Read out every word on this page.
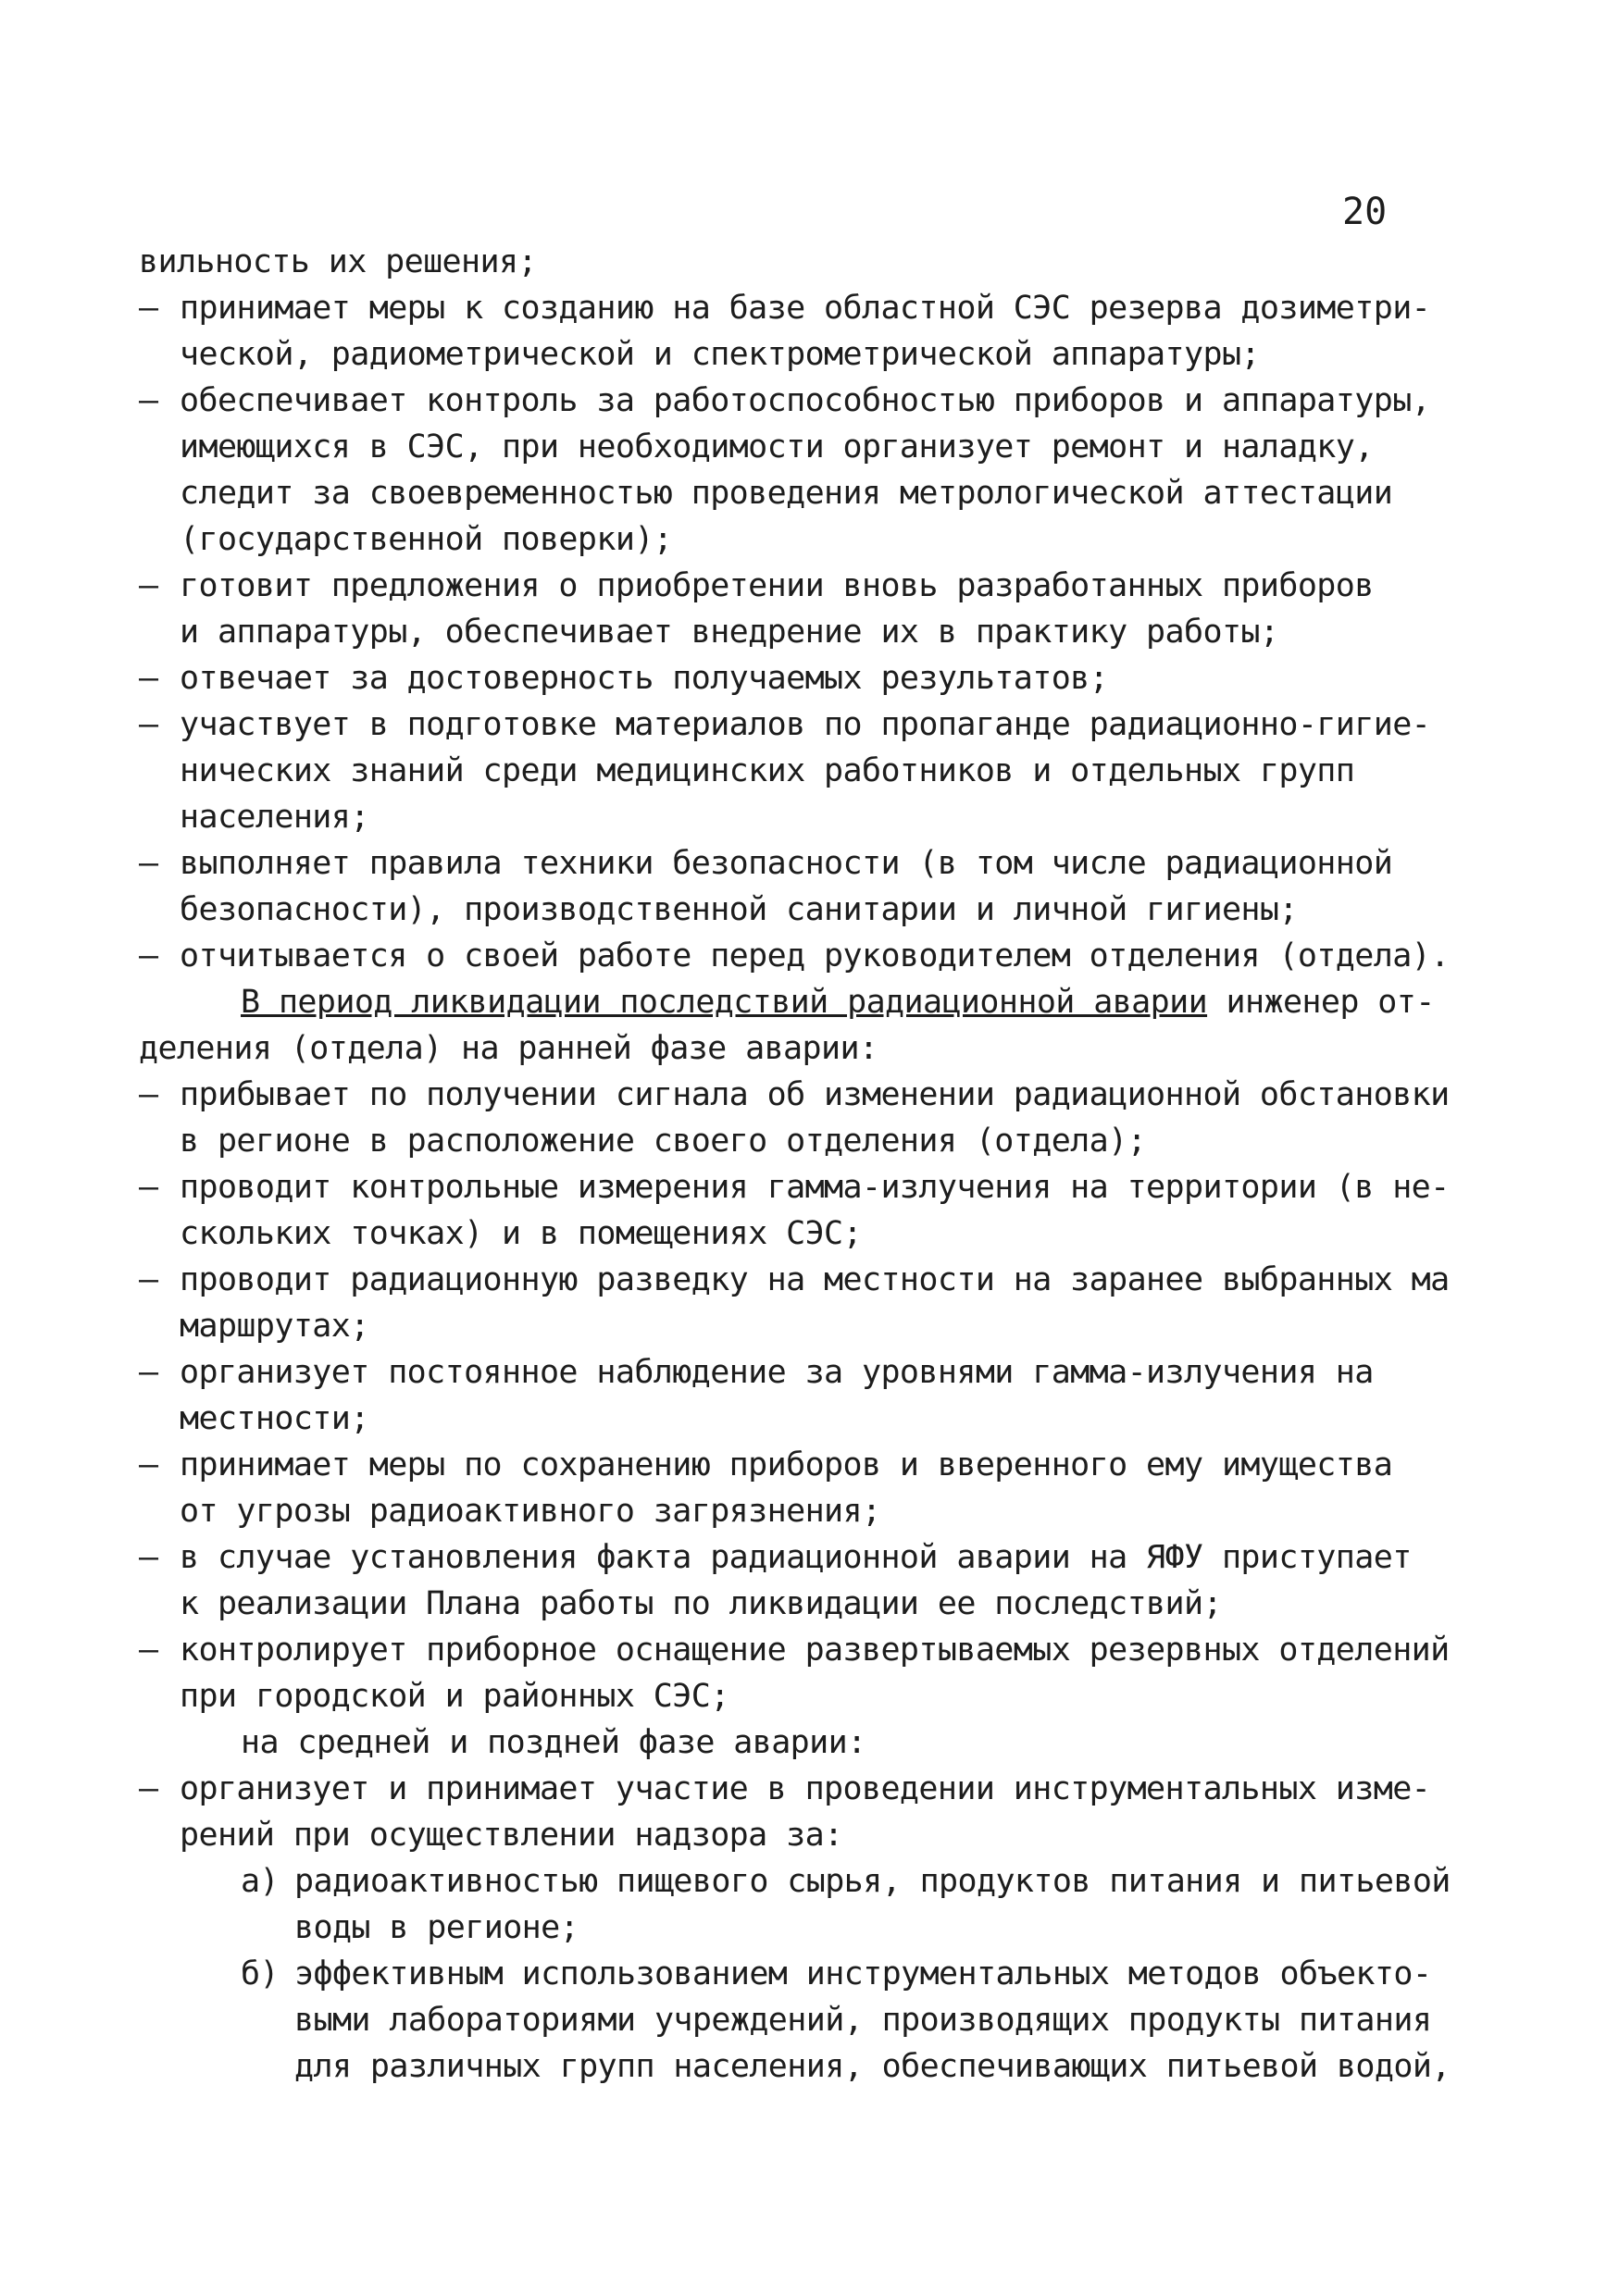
20
вильность их решения;
– принимает меры к созданию на базе областной СЭС резерва дозиметри-
ческой, радиометрической и спектрометрической аппаратуры;
– обеспечивает контроль за работоспособностью приборов и аппаратуры,
имеющихся в СЭС, при необходимости организует ремонт и наладку,
следит за своевременностью проведения метрологической аттестации
(государственной поверки);
– готовит предложения о приобретении вновь разработанных приборов
и аппаратуры, обеспечивает внедрение их в практику работы;
– отвечает за достоверность получаемых результатов;
– участвует в подготовке материалов по пропаганде радиационно-гигие-
нических знаний среди медицинских работников и отдельных групп
населения;
– выполняет правила техники безопасности (в том числе радиационной
безопасности), производственной санитарии и личной гигиены;
– отчитывается о своей работе перед руководителем отделения (отдела).
В период ликвидации последствий радиационной аварии инженер от-
деления (отдела) на ранней фазе аварии:
– прибывает по получении сигнала об изменении радиационной обстановки
в регионе в расположение своего отделения (отдела);
– проводит контрольные измерения гамма-излучения на территории (в не-
скольких точках) и в помещениях СЭС;
– проводит радиационную разведку на местности на заранее выбранных ма
маршрутах;
– организует постоянное наблюдение за уровнями гамма-излучения на
местности;
– принимает меры по сохранению приборов и вверенного ему имущества
от угрозы радиоактивного загрязнения;
– в случае установления факта радиационной аварии на ЯФУ приступает
к реализации Плана работы по ликвидации ее последствий;
– контролирует приборное оснащение развертываемых резервных отделений
при городской и районных СЭС;
на средней и поздней фазе аварии:
– организует и принимает участие в проведении инструментальных изме-
рений при осуществлении надзора за:
а) радиоактивностью пищевого сырья, продуктов питания и питьевой
воды в регионе;
б) эффективным использованием инструментальных методов объекто-
выми лабораториями учреждений, производящих продукты питания
для различных групп населения, обеспечивающих питьевой водой,
